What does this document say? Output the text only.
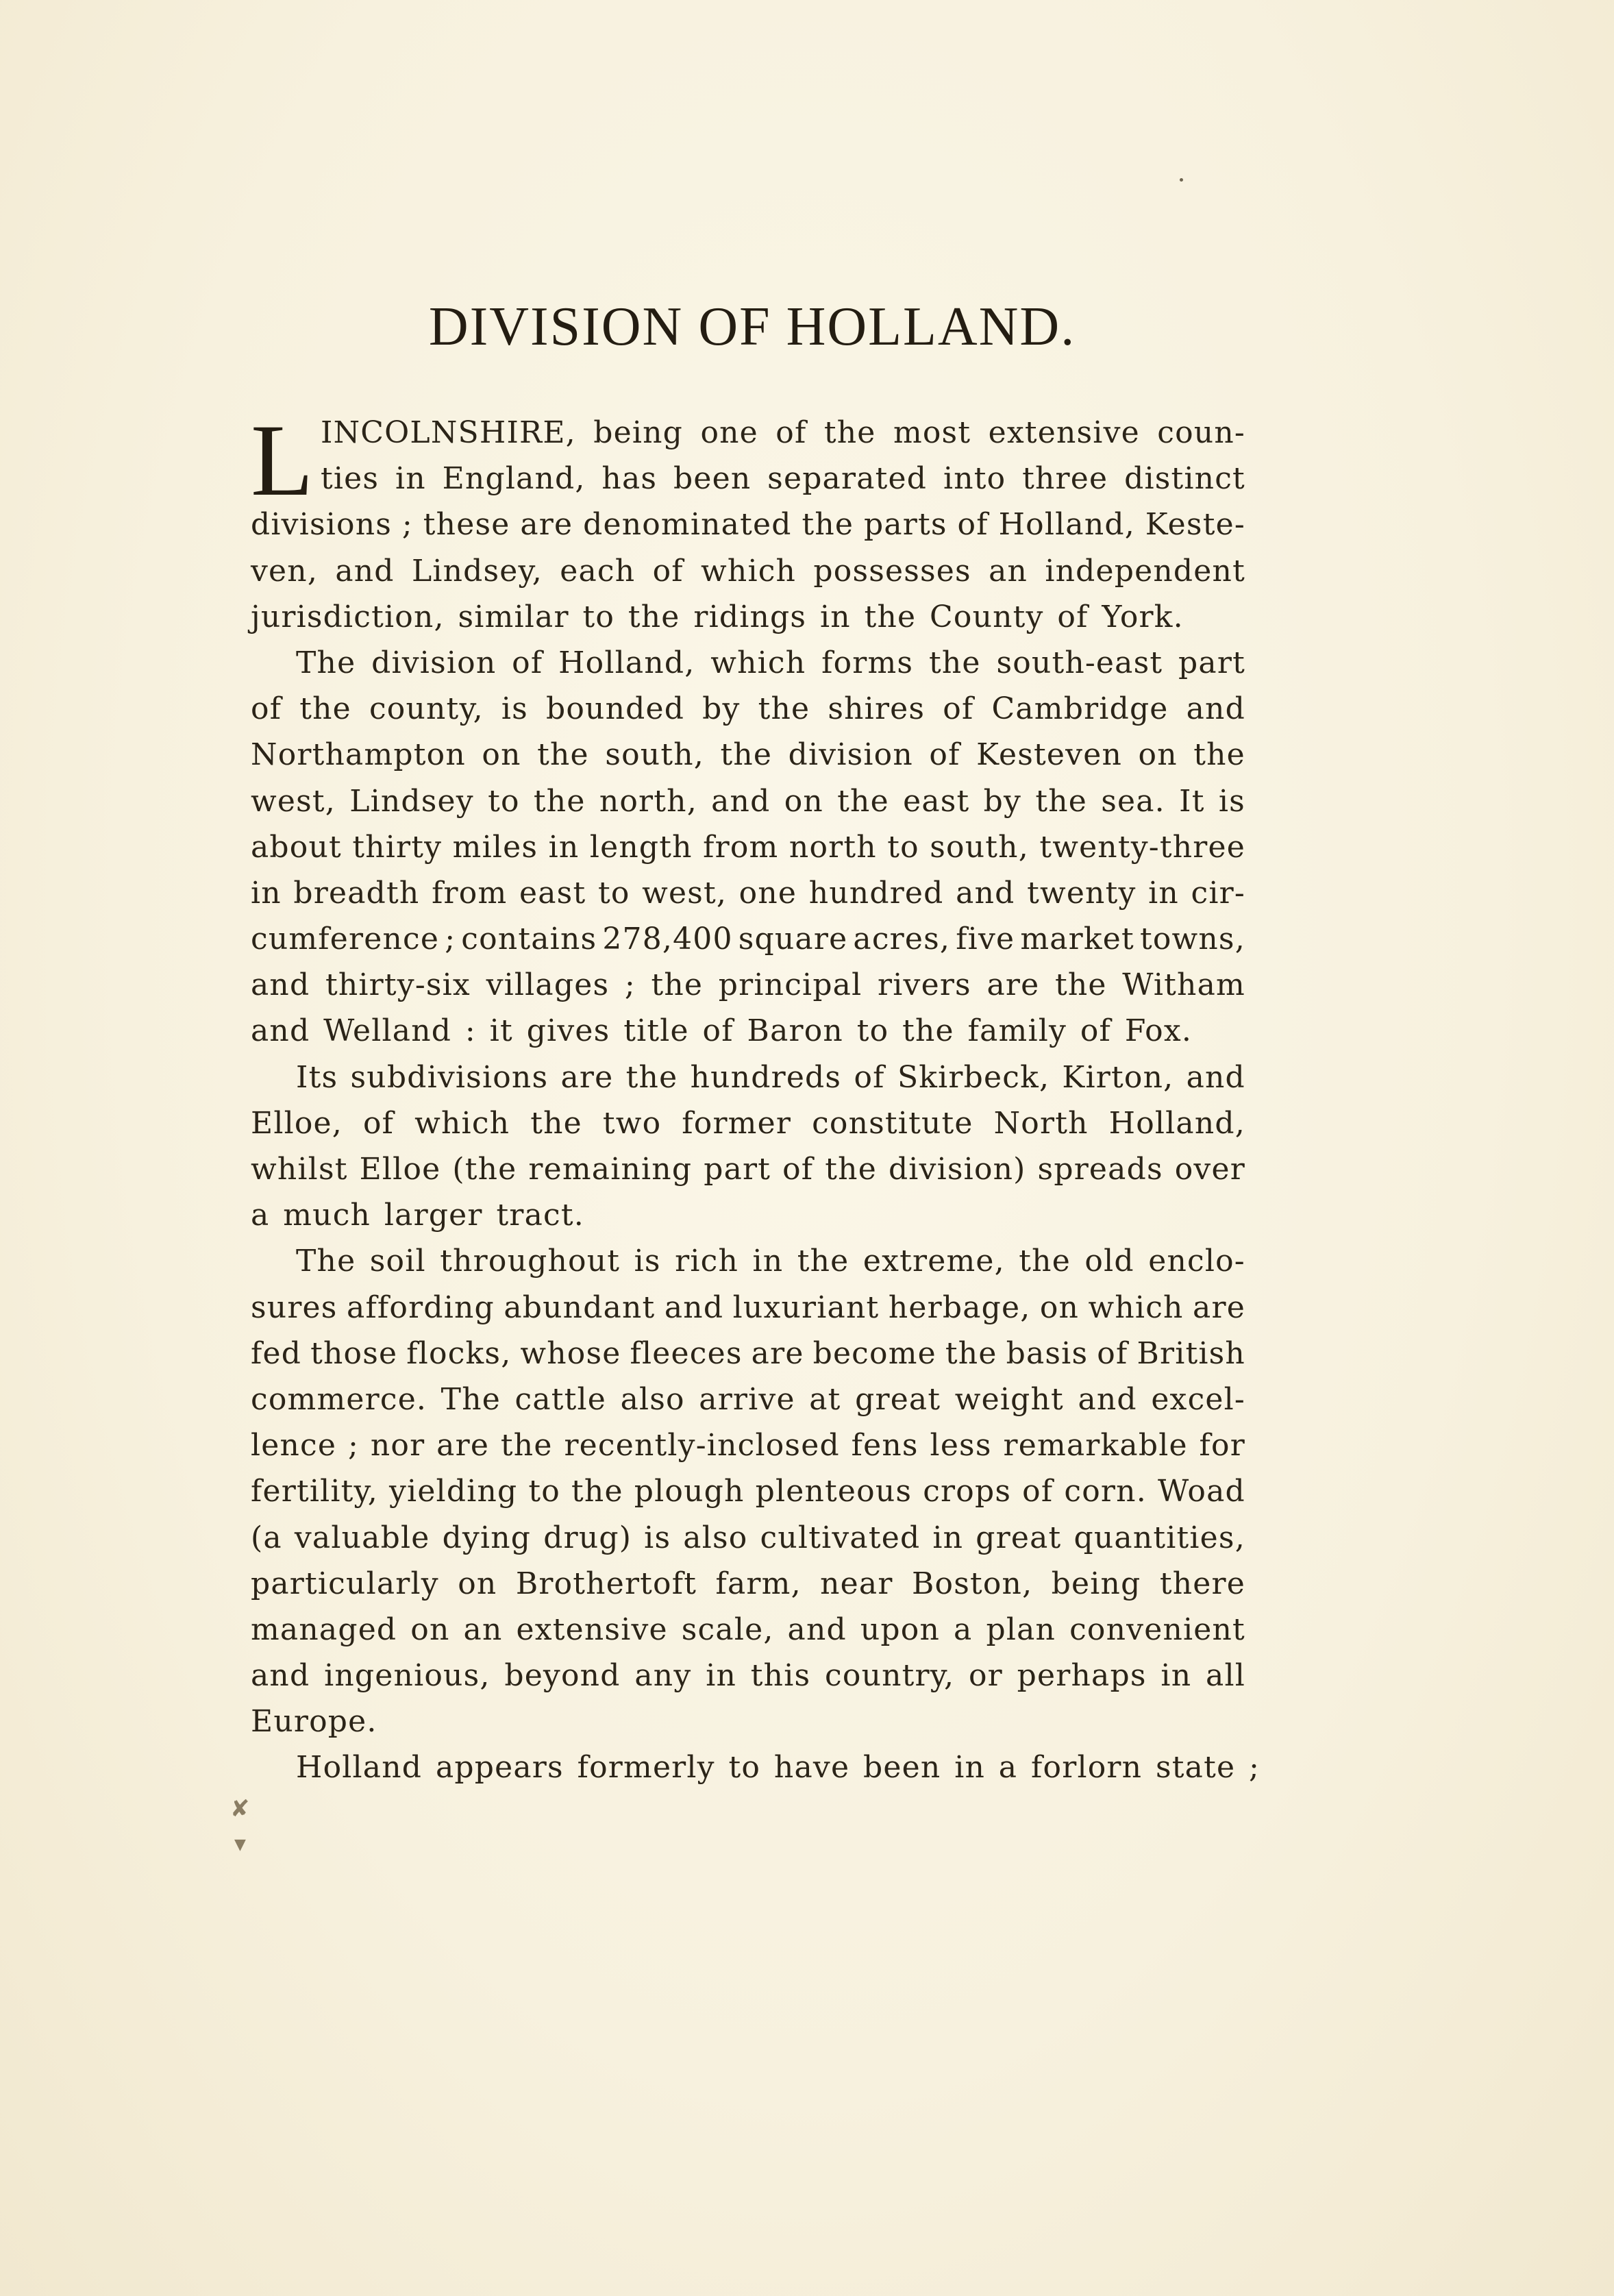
DIVISION OF HOLLAND.
L INCOLNSHIRE, being one of the most extensive coun-
ties in England, has been separated into three distinct
divisions ; these are denominated the parts of Holland, Keste-
ven, and Lindsey, each of which possesses an independent
jurisdiction, similar to the ridings in the County of York.
The division of Holland, which forms the south-east part
of the county, is bounded by the shires of Cambridge and
Northampton on the south, the division of Kesteven on the
west, Lindsey to the north, and on the east by the sea. It is
about thirty miles in length from north to south, twenty-three
in breadth from east to west, one hundred and twenty in cir-
cumference ; contains 278,400 square acres, five market towns,
and thirty-six villages ; the principal rivers are the Witham
and Welland : it gives title of Baron to the family of Fox.
Its subdivisions are the hundreds of Skirbeck, Kirton, and
Elloe, of which the two former constitute North Holland,
whilst Elloe (the remaining part of the division) spreads over
a much larger tract.
The soil throughout is rich in the extreme, the old enclo-
sures affording abundant and luxuriant herbage, on which are
fed those flocks, whose fleeces are become the basis of British
commerce. The cattle also arrive at great weight and excel-
lence ; nor are the recently-inclosed fens less remarkable for
fertility, yielding to the plough plenteous crops of corn. Woad
(a valuable dying drug) is also cultivated in great quantities,
particularly on Brothertoft farm, near Boston, being there
managed on an extensive scale, and upon a plan convenient
and ingenious, beyond any in this country, or perhaps in all
Europe.
Holland appears formerly to have been in a forlorn state ;
✘
▼
